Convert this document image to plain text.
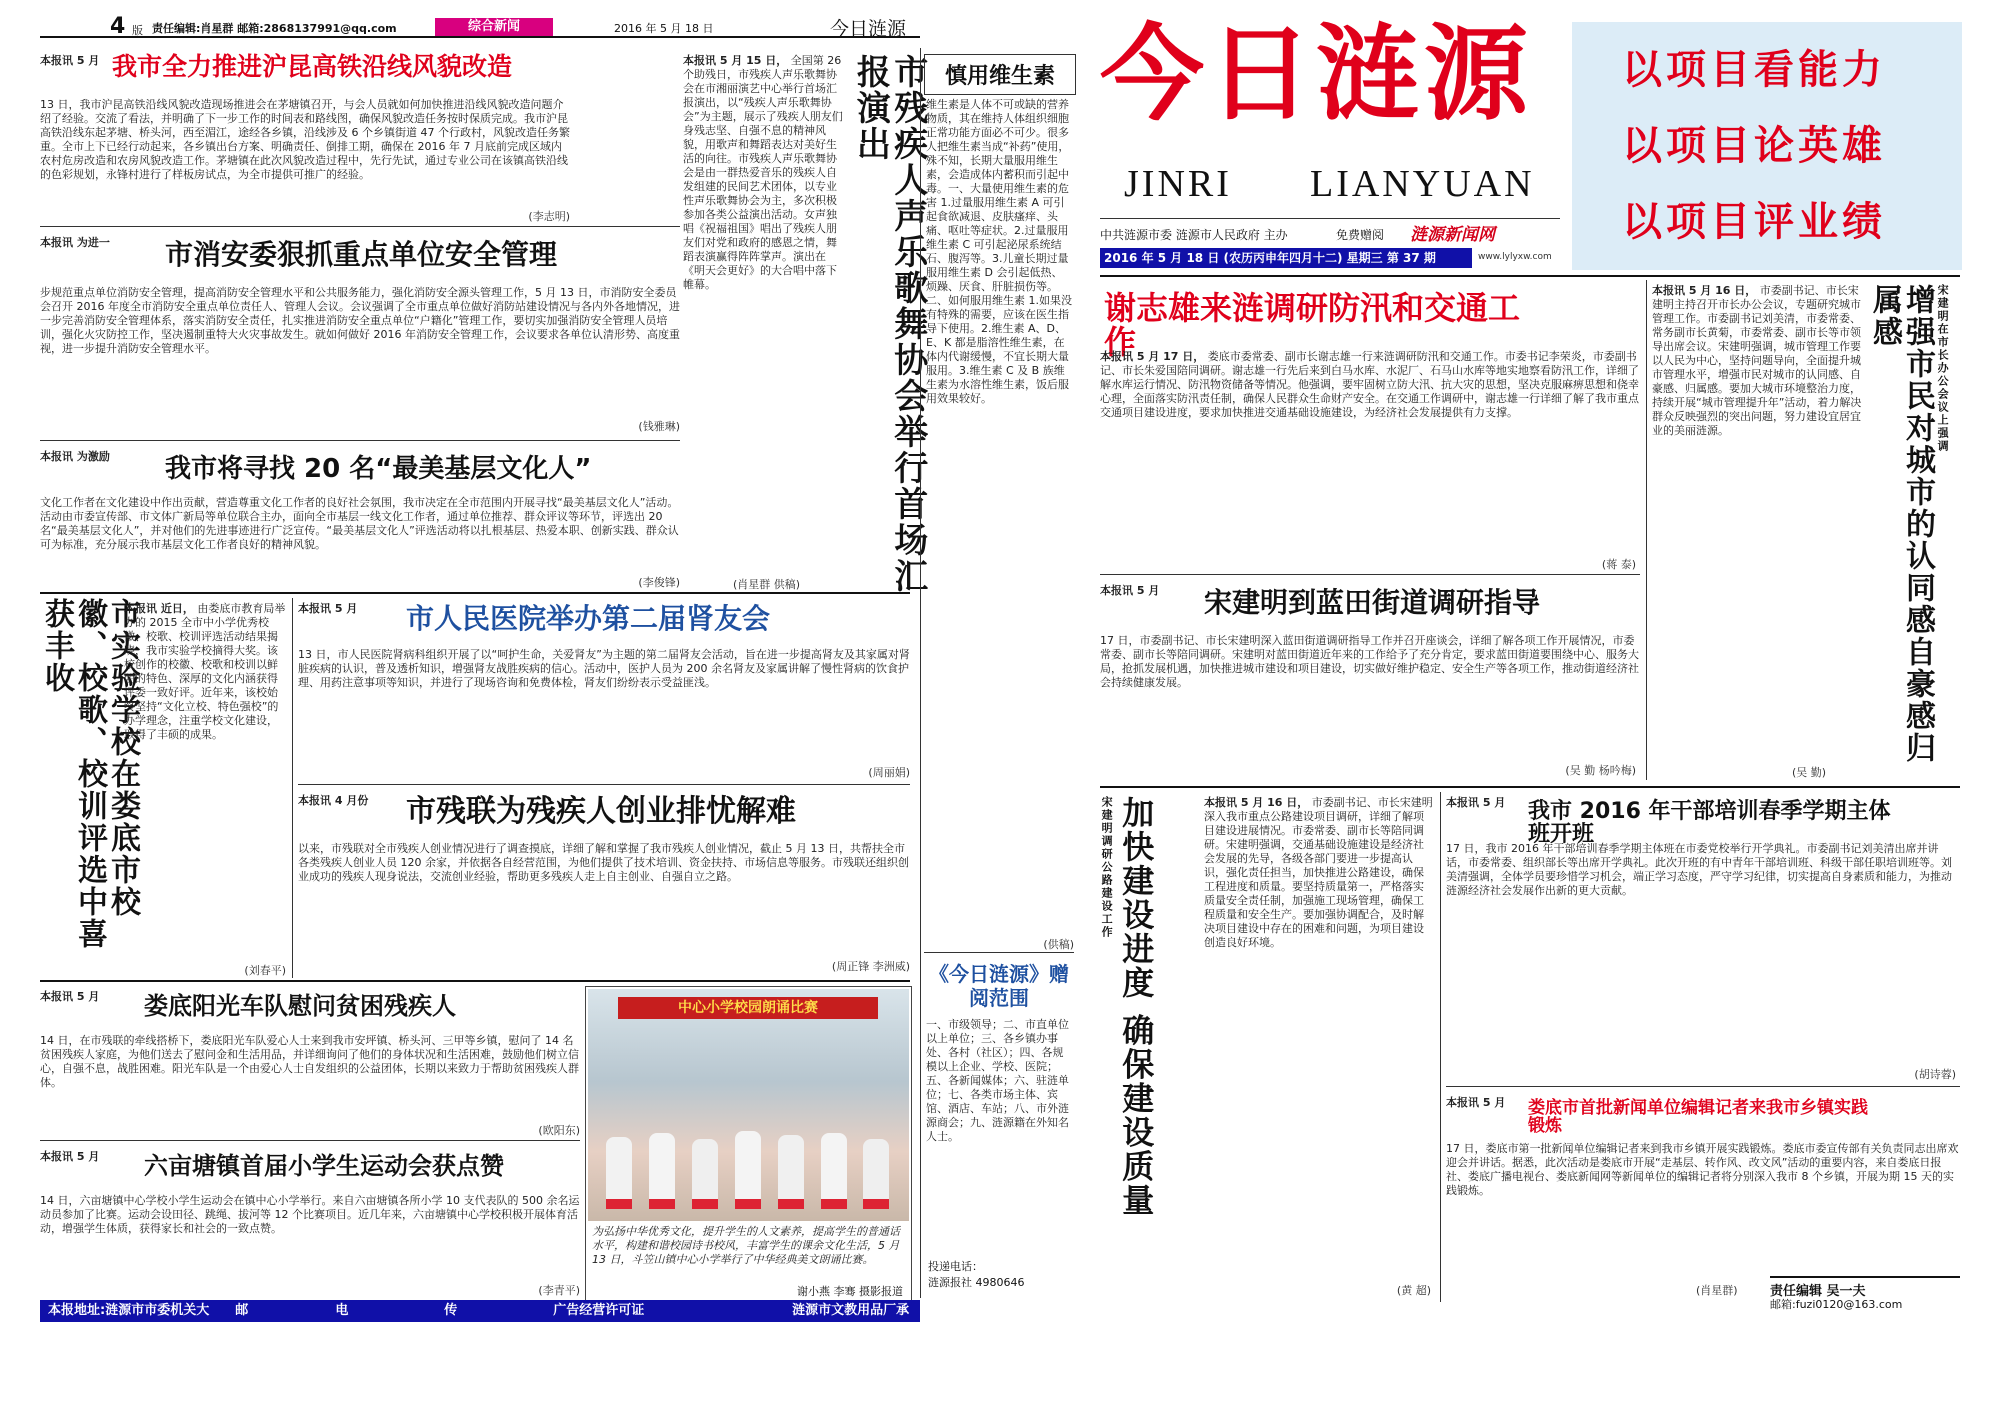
4 版 责任编辑:肖星群 邮箱:2868137991@qq.com	综合新闻	2016 年 5 月 18 日	今日涟源
本报讯 5 月 我市全力推进沪昆高铁沿线风貌改造
13 日，我市沪昆高铁沿线风貌改造现场推进会在茅塘镇召开，与会人员就如何加快推进沿线风貌改造问题介绍了经验。交流了看法，并明确了下一步工作的时间表和路线图，确保风貌改造任务按时保质完成。我市沪昆高铁沿线东起茅塘、桥头河，西至湄江，途经各乡镇，沿线涉及 6 个乡镇街道 47 个行政村，风貌改造任务繁重。全市上下已经行动起来，各乡镇出台方案、明确责任、倒排工期，确保在 2016 年 7 月底前完成区域内农村危房改造和农房风貌改造工作。茅塘镇在此次风貌改造过程中，先行先试，通过专业公司在该镇高铁沿线的色彩规划，永锋村进行了样板房试点，为全市提供可推广的经验。
(李志明)
本报讯 5 月 15 日， 全国第 26 个助残日，市残疾人声乐歌舞协会在市湘丽演艺中心举行首场汇报演出，以“残疾人声乐歌舞协会”为主题，展示了残疾人朋友们身残志坚、自强不息的精神风貌，用歌声和舞蹈表达对美好生活的向往。市残疾人声乐歌舞协会是由一群热爱音乐的残疾人自发组建的民间艺术团体，以专业性声乐歌舞协会为主，多次积极参加各类公益演出活动。女声独唱《祝福祖国》唱出了残疾人朋友们对党和政府的感恩之情，舞蹈表演赢得阵阵掌声。演出在《明天会更好》的大合唱中落下帷幕。	市残疾人声乐歌舞协会举行首场汇报演出
(肖星群 供稿)
本报讯 为进一	市消安委狠抓重点单位安全管理
步规范重点单位消防安全管理，提高消防安全管理水平和公共服务能力，强化消防安全源头管理工作，5 月 13 日，市消防安全委员会召开 2016 年度全市消防安全重点单位责任人、管理人会议。会议强调了全市重点单位做好消防站建设情况与各内外各地情况，进一步完善消防安全管理体系，落实消防安全责任，扎实推进消防安全重点单位“户籍化”管理工作，要切实加强消防安全管理人员培训，强化火灾防控工作，坚决遏制重特大火灾事故发生。就如何做好 2016 年消防安全管理工作，会议要求各单位认清形势、高度重视，进一步提升消防安全管理水平。
(钱雅琳)
本报讯 为激励	我市将寻找 20 名“最美基层文化人”
文化工作者在文化建设中作出贡献，营造尊重文化工作者的良好社会氛围，我市决定在全市范围内开展寻找“最美基层文化人”活动。活动由市委宣传部、市文体广新局等单位联合主办，面向全市基层一线文化工作者，通过单位推荐、群众评议等环节，评选出 20 名“最美基层文化人”，并对他们的先进事迹进行广泛宣传。“最美基层文化人”评选活动将以扎根基层、热爱本职、创新实践、群众认可为标准，充分展示我市基层文化工作者良好的精神风貌。
(李俊锋)
市实验学校在娄底市校徽、校歌、校训评选中喜获丰收	本报讯 近日， 由娄底市教育局举办的 2015 全市中小学优秀校徽、校歌、校训评选活动结果揭晓，我市实验学校摘得大奖。该校创作的校徽、校歌和校训以鲜明的特色、深厚的文化内涵获得评委一致好评。近年来，该校始终坚持“文化立校、特色强校”的办学理念，注重学校文化建设，取得了丰硕的成果。
(刘春平)
本报讯 5 月	市人民医院举办第二届肾友会
13 日，市人民医院肾病科组织开展了以“呵护生命，关爱肾友”为主题的第二届肾友会活动，旨在进一步提高肾友及其家属对肾脏疾病的认识，普及透析知识，增强肾友战胜疾病的信心。活动中，医护人员为 200 余名肾友及家属讲解了慢性肾病的饮食护理、用药注意事项等知识，并进行了现场咨询和免费体检，肾友们纷纷表示受益匪浅。
(周丽娟)
本报讯 4 月份	市残联为残疾人创业排忧解难
以来，市残联对全市残疾人创业情况进行了调查摸底，详细了解和掌握了我市残疾人创业情况，截止 5 月 13 日，共帮扶全市各类残疾人创业人员 120 余家，并依据各自经营范围，为他们提供了技术培训、资金扶持、市场信息等服务。市残联还组织创业成功的残疾人现身说法，交流创业经验，帮助更多残疾人走上自主创业、自强自立之路。
(周正锋 李洲威)
本报讯 5 月	娄底阳光车队慰问贫困残疾人
14 日，在市残联的牵线搭桥下，娄底阳光车队爱心人士来到我市安坪镇、桥头河、三甲等乡镇，慰问了 14 名贫困残疾人家庭，为他们送去了慰问金和生活用品，并详细询问了他们的身体状况和生活困难，鼓励他们树立信心，自强不息，战胜困难。阳光车队是一个由爱心人士自发组织的公益团体，长期以来致力于帮助贫困残疾人群体。
(欧阳东)
本报讯 5 月	六亩塘镇首届小学生运动会获点赞
14 日，六亩塘镇中心学校小学生运动会在镇中心小学举行。来自六亩塘镇各所小学 10 支代表队的 500 余名运动员参加了比赛。运动会设田径、跳绳、拔河等 12 个比赛项目。近几年来，六亩塘镇中心学校积极开展体育活动，增强学生体质，获得家长和社会的一致点赞。
(李青平)
中心小学校园朗诵比赛
为弘扬中华优秀文化，提升学生的人文素养，提高学生的普通话水平，构建和谐校园诗书校风，丰富学生的课余文化生活，5 月 13 日，斗笠山镇中心小学举行了中华经典美文朗诵比赛。
谢小燕 李骞 摄影报道
慎用维生素
维生素是人体不可或缺的营养物质，其在维持人体组织细胞正常功能方面必不可少。很多人把维生素当成“补药”使用，殊不知，长期大量服用维生素，会造成体内蓄积而引起中毒。一、大量使用维生素的危害 1.过量服用维生素 A 可引起食欲减退、皮肤瘙痒、头痛、呕吐等症状。2.过量服用维生素 C 可引起泌尿系统结石、腹泻等。3.儿童长期过量服用维生素 D 会引起低热、烦躁、厌食、肝脏损伤等。二、如何服用维生素 1.如果没有特殊的需要，应该在医生指导下使用。2.维生素 A、D、E、K 都是脂溶性维生素，在体内代谢缓慢，不宜长期大量服用。3.维生素 C 及 B 族维生素为水溶性维生素，饭后服用效果较好。
(供稿)
《今日涟源》赠阅范围
一、市级领导；二、市直单位以上单位；三、各乡镇办事处、各村（社区）；四、各规模以上企业、学校、医院；五、各新闻媒体；六、驻涟单位；七、各类市场主体、宾馆、酒店、车站；八、市外涟源商会；九、涟源籍在外知名人士。
投递电话：
涟源报社 4980646
本报地址:涟源市市委机关大院
邮编:417100
电话:4980646
传真:4980647
广告经营许可证号:4325004130107
涟源市文教用品厂承印
今日涟源
JINRI LIANYUAN
中共涟源市委 涟源市人民政府 主办	免费赠阅 涟源新闻网
2016 年 5 月 18 日 (农历丙申年四月十二) 星期三 第 37 期	www.lylyxw.com
以项目看能力
以项目论英雄
以项目评业绩
谢志雄来涟调研防汛和交通工作
本报讯 5 月 17 日， 娄底市委常委、副市长谢志雄一行来涟调研防汛和交通工作。市委书记李荣炎，市委副书记、市长朱爱国陪同调研。谢志雄一行先后来到白马水库、水泥厂、石马山水库等地实地察看防汛工作，详细了解水库运行情况、防汛物资储备等情况。他强调，要牢固树立防大汛、抗大灾的思想，坚决克服麻痹思想和侥幸心理，全面落实防汛责任制，确保人民群众生命财产安全。在交通工作调研中，谢志雄一行详细了解了我市重点交通项目建设进度，要求加快推进交通基础设施建设，为经济社会发展提供有力支撑。
(蒋 泰)
本报讯 5 月 16 日， 市委副书记、市长宋建明主持召开市长办公会议，专题研究城市管理工作。市委副书记刘美清，市委常委、常务副市长黄菊，市委常委、副市长等市领导出席会议。宋建明强调，城市管理工作要以人民为中心，坚持问题导向，全面提升城市管理水平，增强市民对城市的认同感、自豪感、归属感。要加大城市环境整治力度，持续开展“城市管理提升年”活动，着力解决群众反映强烈的突出问题，努力建设宜居宜业的美丽涟源。	增强市民对城市的认同感自豪感归属感	宋建明在市长办公会议上强调
(吴 勤)
本报讯 5 月	宋建明到蓝田街道调研指导
17 日，市委副书记、市长宋建明深入蓝田街道调研指导工作并召开座谈会，详细了解各项工作开展情况，市委常委、副市长等陪同调研。宋建明对蓝田街道近年来的工作给予了充分肯定，要求蓝田街道要围绕中心、服务大局，抢抓发展机遇，加快推进城市建设和项目建设，切实做好维护稳定、安全生产等各项工作，推动街道经济社会持续健康发展。
(吴 勤 杨吟梅)
宋建明调研公路建设工作 加快建设进度 确保建设质量	本报讯 5 月 16 日， 市委副书记、市长宋建明深入我市重点公路建设项目调研，详细了解项目建设进展情况。市委常委、副市长等陪同调研。宋建明强调，交通基础设施建设是经济社会发展的先导，各级各部门要进一步提高认识，强化责任担当，加快推进公路建设，确保工程进度和质量。要坚持质量第一，严格落实质量安全责任制，加强施工现场管理，确保工程质量和安全生产。要加强协调配合，及时解决项目建设中存在的困难和问题，为项目建设创造良好环境。
(黄 超)
本报讯 5 月	我市 2016 年干部培训春季学期主体班开班
17 日，我市 2016 年干部培训春季学期主体班在市委党校举行开学典礼。市委副书记刘美清出席并讲话，市委常委、组织部长等出席开学典礼。此次开班的有中青年干部培训班、科级干部任职培训班等。刘美清强调，全体学员要珍惜学习机会，端正学习态度，严守学习纪律，切实提高自身素质和能力，为推动涟源经济社会发展作出新的更大贡献。
(胡诗蓉)
本报讯 5 月	娄底市首批新闻单位编辑记者来我市乡镇实践锻炼
17 日，娄底市第一批新闻单位编辑记者来到我市乡镇开展实践锻炼。娄底市委宣传部有关负责同志出席欢迎会并讲话。据悉，此次活动是娄底市开展“走基层、转作风、改文风”活动的重要内容，来自娄底日报社、娄底广播电视台、娄底新闻网等新闻单位的编辑记者将分别深入我市 8 个乡镇，开展为期 15 天的实践锻炼。
(肖星群) 责任编辑 吴一夫
邮箱:fuzi0120@163.com
